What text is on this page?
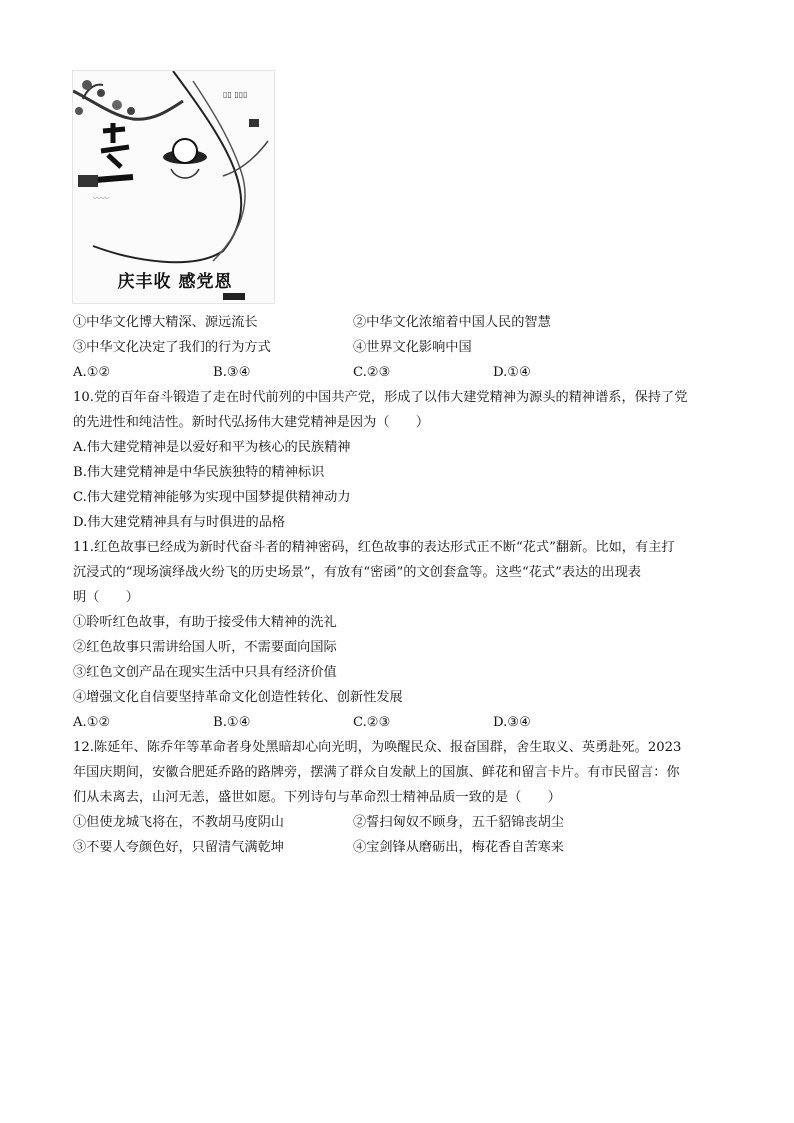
〰〰
▯▯ ▯▯▯
庆丰收 感党恩
①中华文化博大精深、源远流长	②中华文化浓缩着中国人民的智慧
③中华文化决定了我们的行为方式	④世界文化影响中国
A.①②	B.③④	C.②③	D.①④
10.党的百年奋斗锻造了走在时代前列的中国共产党，形成了以伟大建党精神为源头的精神谱系，保持了党
的先进性和纯洁性。新时代弘扬伟大建党精神是因为（　　）
A.伟大建党精神是以爱好和平为核心的民族精神
B.伟大建党精神是中华民族独特的精神标识
C.伟大建党精神能够为实现中国梦提供精神动力
D.伟大建党精神具有与时俱进的品格
11.红色故事已经成为新时代奋斗者的精神密码，红色故事的表达形式正不断“花式”翻新。比如，有主打
沉浸式的“现场演绎战火纷飞的历史场景”，有放有“密函”的文创套盒等。这些“花式”表达的出现表
明（　　）
①聆听红色故事，有助于接受伟大精神的洗礼
②红色故事只需讲给国人听，不需要面向国际
③红色文创产品在现实生活中只具有经济价值
④增强文化自信要坚持革命文化创造性转化、创新性发展
A.①②	B.①④	C.②③	D.③④
12.陈延年、陈乔年等革命者身处黑暗却心向光明，为唤醒民众、报奋国群，舍生取义、英勇赴死。2023
年国庆期间，安徽合肥延乔路的路牌旁，摆满了群众自发献上的国旗、鲜花和留言卡片。有市民留言：你
们从未离去，山河无恙，盛世如愿。下列诗句与革命烈士精神品质一致的是（　　）
①但使龙城飞将在，不教胡马度阴山	②誓扫匈奴不顾身，五千貂锦丧胡尘
③不要人夸颜色好，只留清气满乾坤	④宝剑锋从磨砺出，梅花香自苦寒来
